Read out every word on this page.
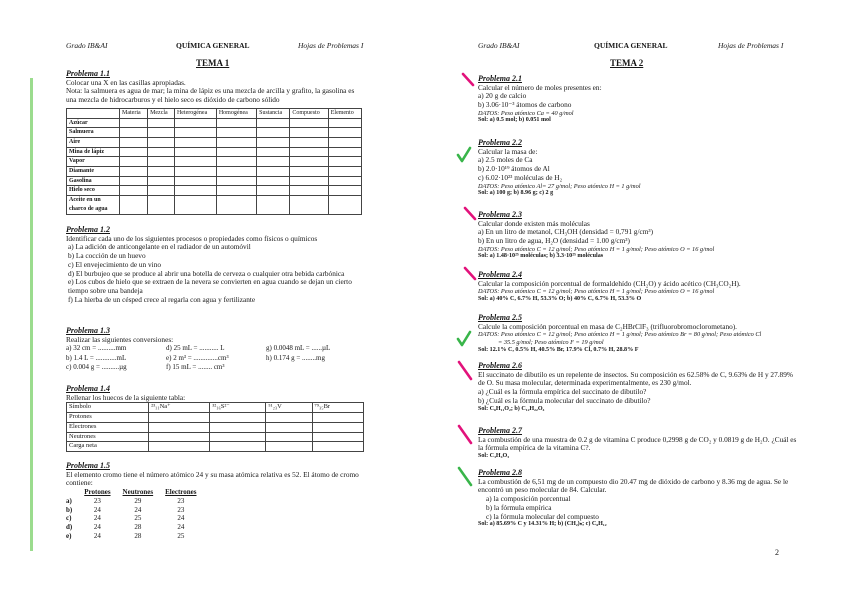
Grado IB&AI	QUÍMICA GENERAL	Hojas de Problemas I
TEMA 1
Problema 1.1
Colocar una X en las casillas apropiadas.
Nota: la salmuera es agua de mar; la mina de lápiz es una mezcla de arcilla y grafito, la gasolina es una mezcla de hidrocarburos y el hielo seco es dióxido de carbono sólido
	Materia	Mezcla	Heterogénea	Homogénea	Sustancia	Compuesto	Elemento
Azúcar							
Salmuera							
Aire							
Mina de lápiz							
Vapor							
Diamante							
Gasolina							
Hielo seco							
Aceite en un charco de agua							
Problema 1.2
Identificar cada uno de los siguientes procesos o propiedades como físicos o químicos
a) La adición de anticongelante en el radiador de un automóvil
b) La cocción de un huevo
c) El envejecimiento de un vino
d) El burbujeo que se produce al abrir una botella de cerveza o cualquier otra bebida carbónica
e) Los cubos de hielo que se extraen de la nevera se convierten en agua cuando se dejan un cierto tiempo sobre una bandeja
f) La hierba de un césped crece al regarla con agua y fertilizante
Problema 1.3
Realizar las siguientes conversiones:
a) 32 cm = ..........mm	d) 25 mL = ........... L	g) 0.0048 mL = ......µL
b) 1.4 L = ............mL	e) 2 m³ = ..............cm³	h) 0.174 g = ........mg
c) 0.004 g = ..........µg	f) 15 mL = ........ cm³
Problema 1.4
Rellenar los huecos de la siguiente tabla:
Símbolo	²³₁₁Na⁺	³²₁₆S²⁻	⁵¹₂₃V	⁷⁹₃₅Br
Protones				
Electrones				
Neutrones				
Carga neta				
Problema 1.5
El elemento cromo tiene el número atómico 24 y su masa atómica relativa es 52. El átomo de cromo contiene:
	Protones	Neutrones	Electrones
a)	23	29	23
b)	24	24	23
c)	24	25	24
d)	24	28	24
e)	24	28	25
Grado IB&AI	QUÍMICA GENERAL	Hojas de Problemas I
TEMA 2
Problema 2.1
Calcular el número de moles presentes en:
a) 20 g de calcio
b) 3.06·10⁻³ átomos de carbono
DATOS: Peso atómico Ca = 40 g/mol
Sol: a) 0.5 mol; b) 0.051 mol
Problema 2.2
Calcular la masa de:
a) 2.5 moles de Ca
b) 2.0·10¹⁹ átomos de Al
c) 6.02·10²³ moléculas de H₂
DATOS: Peso atómico Al= 27 g/mol; Peso atómico H = 1 g/mol
Sol: a) 100 g; b) 8.96 g; c) 2 g
Problema 2.3
Calcular donde existen más moléculas
a) En un litro de metanol, CH₃OH (densidad = 0,791 g/cm³)
b) En un litro de agua, H₂O (densidad = 1.00 g/cm³)
DATOS: Peso atómico C = 12 g/mol; Peso atómico H = 1 g/mol; Peso atómico O = 16 g/mol
Sol: a) 1.48·10²⁵ moléculas; b) 3.3·10²⁵ moléculas
Problema 2.4
Calcular la composición porcentual de formaldehído (CH₂O) y ácido acético (CH₃CO₂H).
DATOS: Peso atómico C = 12 g/mol; Peso atómico H = 1 g/mol; Peso atómico O = 16 g/mol
Sol: a) 40% C, 6.7% H, 53.3% O; b) 40% C, 6.7% H, 53.3% O
Problema 2.5
Calcule la composición porcentual en masa de C₂HBrClF₃ (trifluorobromoclorometano).
DATOS: Peso atómico C = 12 g/mol; Peso atómico H = 1 g/mol; Peso atómico Br = 80 g/mol; Peso atómico Cl
= 35.5 g/mol; Peso atómico F = 19 g/mol
Sol: 12.1% C, 0.5% H, 40.5% Br, 17.9% Cl, 0.7% H, 28.8% F
Problema 2.6
El succinato de dibutilo es un repelente de insectos. Su composición es 62.58% de C, 9.63% de H y 27.89% de O. Su masa molecular, determinada experimentalmente, es 230 g/mol.
a) ¿Cuál es la fórmula empírica del succinato de dibutilo?
b) ¿Cuál es la fórmula molecular del succinato de dibutilo?
Sol: C₆H₁₁O₂; b) C₁₂H₂₂O₄
Problema 2.7
La combustión de una muestra de 0.2 g de vitamina C produce 0,2998 g de CO₂ y 0.0819 g de H₂O. ¿Cuál es la fórmula empírica de la vitamina C?.
Sol: C₃H₄O₃
Problema 2.8
La combustión de 6,51 mg de un compuesto dio 20.47 mg de dióxido de carbono y 8.36 mg de agua. Se le encontró un peso molecular de 84. Calcular.
a) la composición porcentual
b) la fórmula empírica
c) la fórmula molecular del compuesto
Sol: a) 85.69% C y 14.31% H; b) (CH₂)ₙ; c) C₆H₁₂
2
